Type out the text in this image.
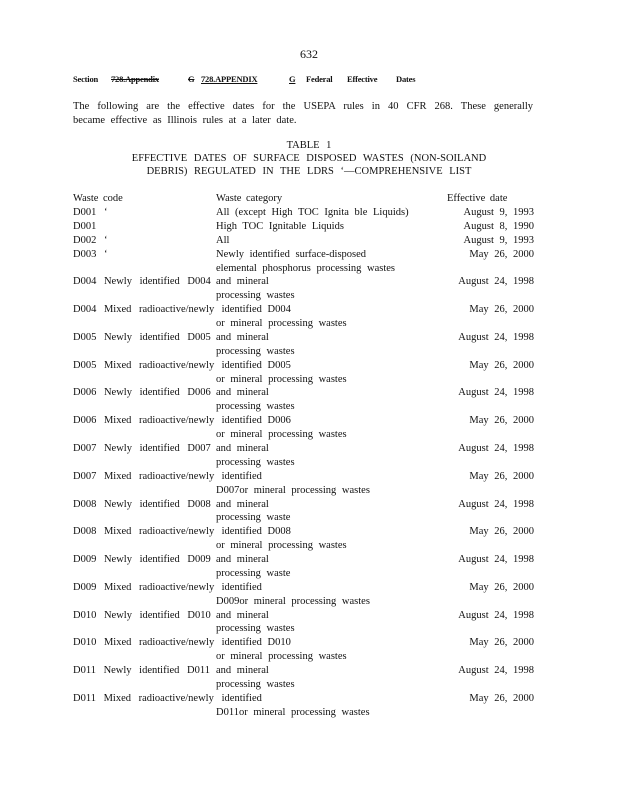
632
Section 728.Appendix	G 728.APPENDIX	G Federal Effective Dates
The following are the effective dates for the USEPA rules in 40 CFR 268. These generally became effective as Illinois rules at a later date.
TABLE 1
EFFECTIVE DATES OF SURFACE DISPOSED WASTES (NON-SOILAND
DEBRIS) REGULATED IN THE LDRS ‘—COMPREHENSIVE LIST
Waste code	Waste category	Effective date
D001 ‘	All (except High TOC Ignita ble Liquids)	August 9, 1993
D001	High TOC Ignitable Liquids	August 8, 1990
D002 ‘	All	August 9, 1993
D003 ‘	Newly identified surface-disposed	May 26, 2000
elemental phosphorus processing wastes
D004 Newly identified D004 and mineral	August 24, 1998
processing wastes
D004 Mixed radioactive/newly identified D004	May 26, 2000
or mineral processing wastes
D005 Newly identified D005 and mineral	August 24, 1998
processing wastes
D005 Mixed radioactive/newly identified D005	May 26, 2000
or mineral processing wastes
D006 Newly identified D006 and mineral	August 24, 1998
processing wastes
D006 Mixed radioactive/newly identified D006	May 26, 2000
or mineral processing wastes
D007 Newly identified D007 and mineral	August 24, 1998
processing wastes
D007 Mixed radioactive/newly identified	May 26, 2000
D007or mineral processing wastes
D008 Newly identified D008 and mineral	August 24, 1998
processing waste
D008 Mixed radioactive/newly identified D008	May 26, 2000
or mineral processing wastes
D009 Newly identified D009 and mineral	August 24, 1998
processing waste
D009 Mixed radioactive/newly identified	May 26, 2000
D009or mineral processing wastes
D010 Newly identified D010 and mineral	August 24, 1998
processing wastes
D010 Mixed radioactive/newly identified D010	May 26, 2000
or mineral processing wastes
D011 Newly identified D011 and mineral	August 24, 1998
processing wastes
D011 Mixed radioactive/newly identified	May 26, 2000
D011or mineral processing wastes
